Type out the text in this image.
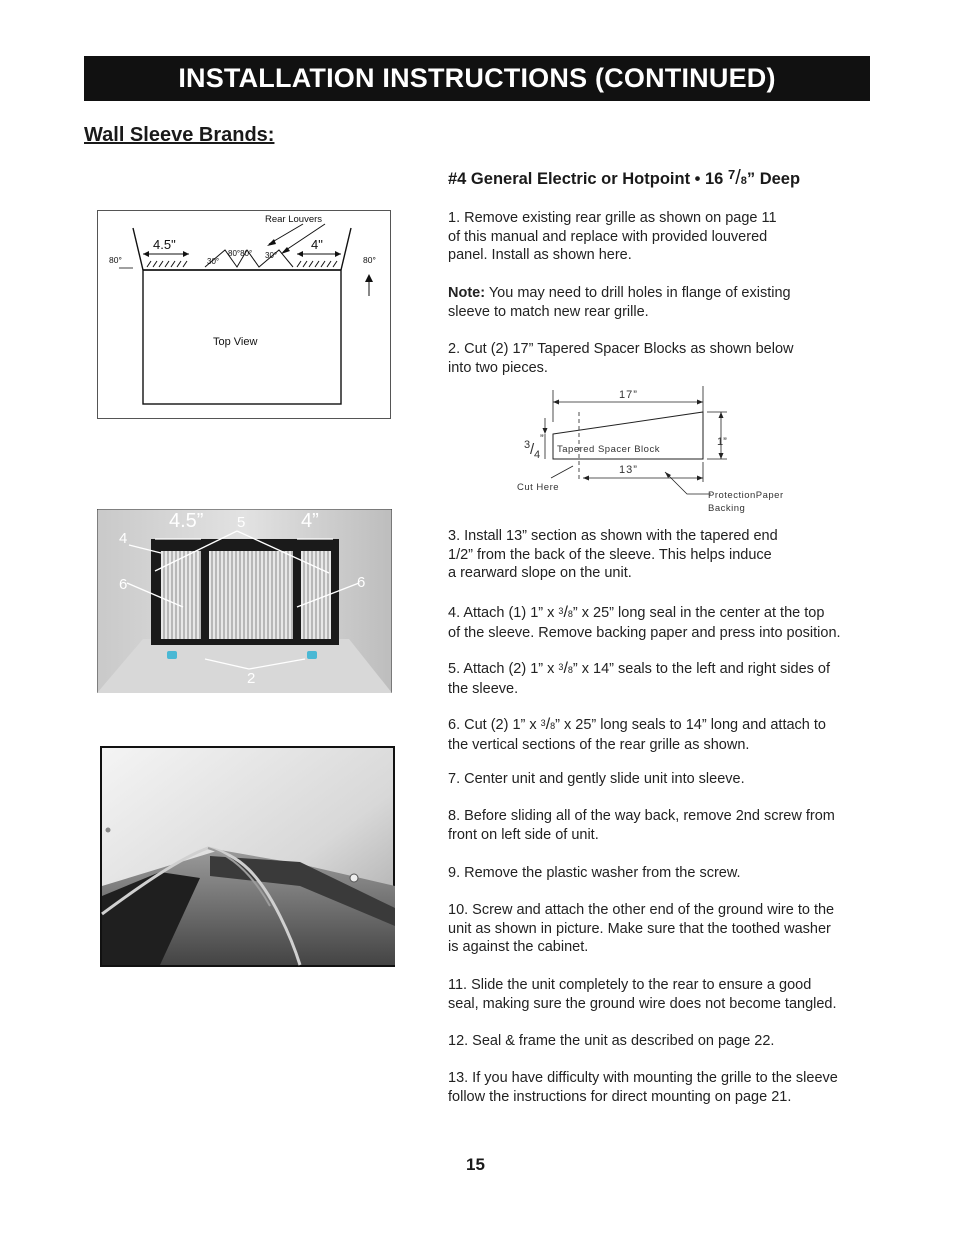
INSTALLATION INSTRUCTIONS (CONTINUED)
Wall Sleeve Brands:
#4 General Electric or Hotpoint • 16 $^7$/8” Deep
Rear Louvers
4.5"	4"
80°	80°
30°
80°80° 30°
Top View
4.5”	4”
5
4
6	6
2
1. Remove existing rear grille as shown on page 11
of this manual and replace with provided louvered
panel. Install as shown here.
Note: You may need to drill holes in flange of existing
sleeve to match new rear grille.
2. Cut (2) 17” Tapered Spacer Blocks as shown below
into two pieces.
17”
13”
1”
3 / 4
”
Tapered Spacer Block
Cut Here
ProtectionPaper
Backing
3. Install 13” section as shown with the tapered end
1/2” from the back of the sleeve. This helps induce
a rearward slope on the unit.
4. Attach (1) 1” x $^3$/8” x 25” long seal in the center at the top
of the sleeve. Remove backing paper and press into position.
5. Attach (2) 1” x $^3$/8” x 14” seals to the left and right sides of
the sleeve.
6. Cut (2) 1” x $^3$/8” x 25” long seals to 14” long and attach to
the vertical sections of the rear grille as shown.
7. Center unit and gently slide unit into sleeve.
8. Before sliding all of the way back, remove 2nd screw from
front on left side of unit.
9. Remove the plastic washer from the screw.
10. Screw and attach the other end of the ground wire to the
unit as shown in picture. Make sure that the toothed washer
is against the cabinet.
11. Slide the unit completely to the rear to ensure a good
seal, making sure the ground wire does not become tangled.
12. Seal & frame the unit as described on page 22.
13. If you have difficulty with mounting the grille to the sleeve
follow the instructions for direct mounting on page 21.
15
